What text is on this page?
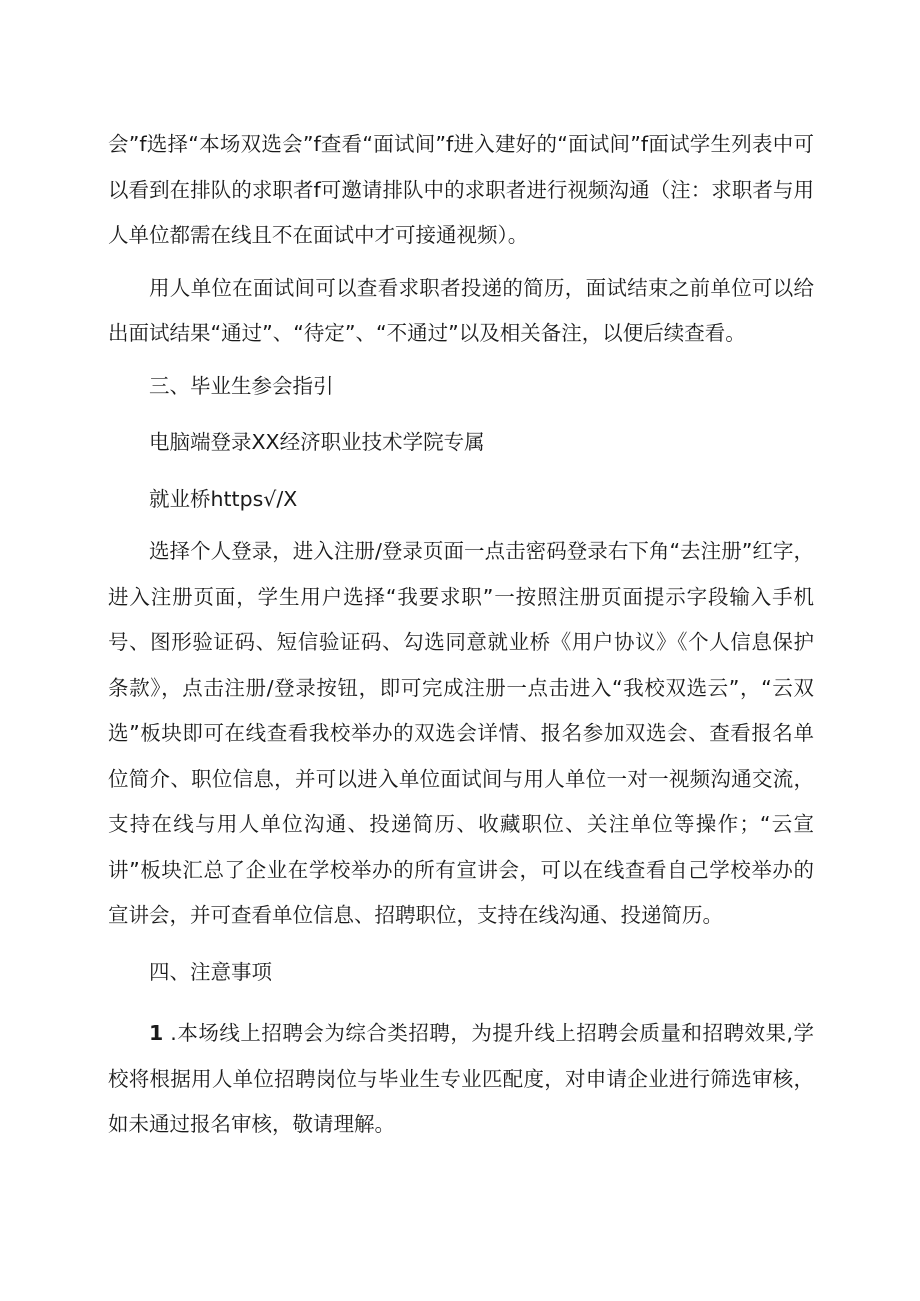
会”f选择“本场双选会”f查看“面试间”f进入建好的“面试间”f面试学生列表中可以看到在排队的求职者f可邀请排队中的求职者进行视频沟通（注：求职者与用人单位都需在线且不在面试中才可接通视频）。

用人单位在面试间可以查看求职者投递的简历，面试结束之前单位可以给出面试结果“通过”、“待定”、“不通过”以及相关备注，以便后续查看。

三、毕业生参会指引

电脑端登录XX经济职业技术学院专属

就业桥https√/X

选择个人登录，进入注册/登录页面一点击密码登录右下角“去注册”红字，进入注册页面，学生用户选择“我要求职”一按照注册页面提示字段输入手机号、图形验证码、短信验证码、勾选同意就业桥《用户协议》《个人信息保护条款》，点击注册/登录按钮，即可完成注册一点击进入“我校双选云”，“云双选”板块即可在线查看我校举办的双选会详情、报名参加双选会、查看报名单位简介、职位信息，并可以进入单位面试间与用人单位一对一视频沟通交流，支持在线与用人单位沟通、投递简历、收藏职位、关注单位等操作；“云宣讲”板块汇总了企业在学校举办的所有宣讲会，可以在线查看自己学校举办的宣讲会，并可查看单位信息、招聘职位，支持在线沟通、投递简历。

四、注意事项

1 .本场线上招聘会为综合类招聘，为提升线上招聘会质量和招聘效果,学校将根据用人单位招聘岗位与毕业生专业匹配度，对申请企业进行筛选审核，如未通过报名审核，敬请理解。
